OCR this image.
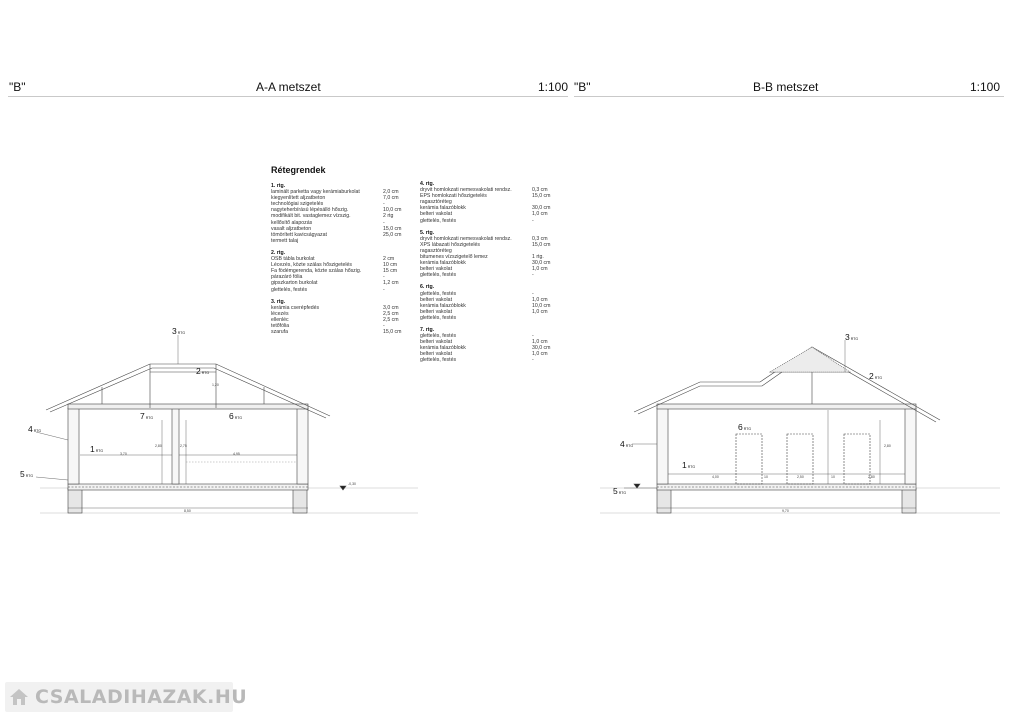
"B"	A-A metszet	1:100 "B"	B-B metszet	1:100
3RTG
2RTG
7RTG	6RTG
4RTG
1RTG
5RTG
3,70	4,95
2,80	2,75
8,50
1,20
-0,30
Rétegrendek
1. rtg.
laminált parketta vagy kerámiaburkolat	2,0 cm
kiegyenlített aljzatbeton	7,0 cm
technológiai szigetelés	-
nagyteherbírású lépésálló hőszig.	10,0 cm
modifikált bit. vastaglemez vízszig.	2 rtg
kellősítő alapozás	-
vasalt aljzatbeton	15,0 cm
tömörített kavicságyazat	25,0 cm
termett talaj
2. rtg.
OSB tábla burkolat	2 cm
Lécezés, közte szálas hőszigetelés	10 cm
Fa födémgerenda, közte szálas hőszig.	15 cm
párazáró fólia	-
gipszkarton burkolat	1,2 cm
glettelés, festés	-
3. rtg.
kerámia cserépfedés	3,0 cm
lécezés	2,5 cm
ellenléc	2,5 cm
tetőfólia	-
szarufa	15,0 cm
4. rtg.
dryvit homlokzati nemesvakolati rendsz.	0,3 cm
EPS homlokzati hőszigetelés	15,0 cm
ragasztóréteg
kerámia falazóblokk	30,0 cm
belteri vakolat	1,0 cm
glettelés, festés	-
5. rtg.
dryvit homlokzati nemesvakolati rendsz.	0,3 cm
XPS lábazati hőszigetelés	15,0 cm
ragasztóréteg
bitumenes vízszigetelő lemez	1 rtg.
kerámia falazóblokk	30,0 cm
belteri vakolat	1,0 cm
glettelés, festés	-
6. rtg.
glettelés, festés	-
belteri vakolat	1,0 cm
kerámia falazóblokk	10,0 cm
belteri vakolat	1,0 cm
glettelés, festés
7. rtg.
glettelés, festés	-
belteri vakolat	1,0 cm
kerámia falazóblokk	30,0 cm
belteri vakolat	1,0 cm
glettelés, festés	-
3RTG
2RTG
6RTG
4RTG
1RTG
5RTG
4,00	10	2,50	10	2,80
2,80
9,70
CSALADIHAZAK.HU
